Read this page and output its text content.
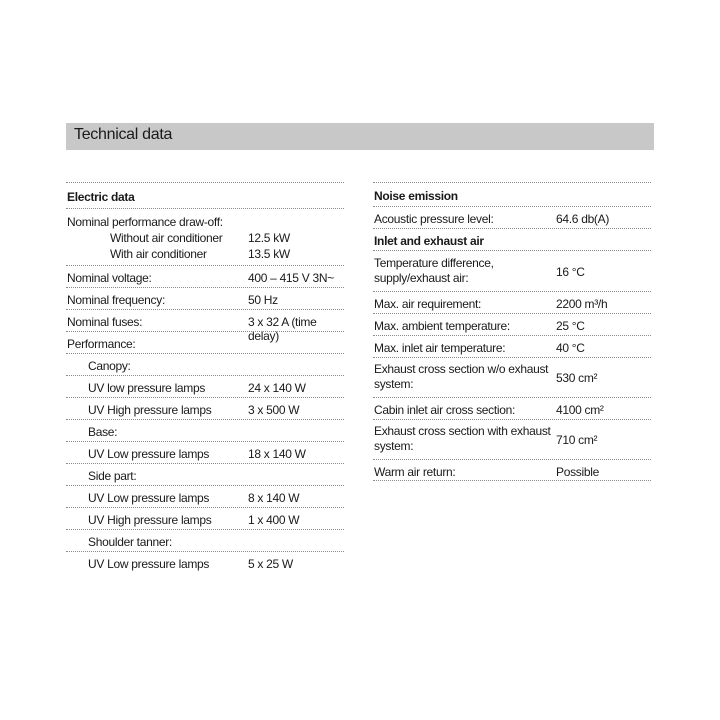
Technical data
Electric data
Nominal performance draw-off:
Without air conditioner 12.5 kW
With air conditioner	13.5 kW
Nominal voltage:	400 – 415 V 3N~
Nominal frequency:	50 Hz
Nominal fuses:	3 x 32 A (time delay)
Performance:
Canopy:
UV low pressure lamps	24 x 140 W
UV High pressure lamps	3 x 500 W
Base:
UV Low pressure lamps	18 x 140 W
Side part:
UV Low pressure lamps	8 x 140 W
UV High pressure lamps	1 x 400 W
Shoulder tanner:
UV Low pressure lamps	5 x 25 W
Noise emission
Acoustic pressure level:	64.6 db(A)
Inlet and exhaust air
Temperature difference, supply/exhaust air:	16 °C
Max. air requirement:	2200 m³/h
Max. ambient temperature:	25 °C
Max. inlet air temperature:	40 °C
Exhaust cross section w/o exhaust system:	530 cm²
Cabin inlet air cross section:	4100 cm²
Exhaust cross section with exhaust system:	710 cm²
Warm air return:	Possible
